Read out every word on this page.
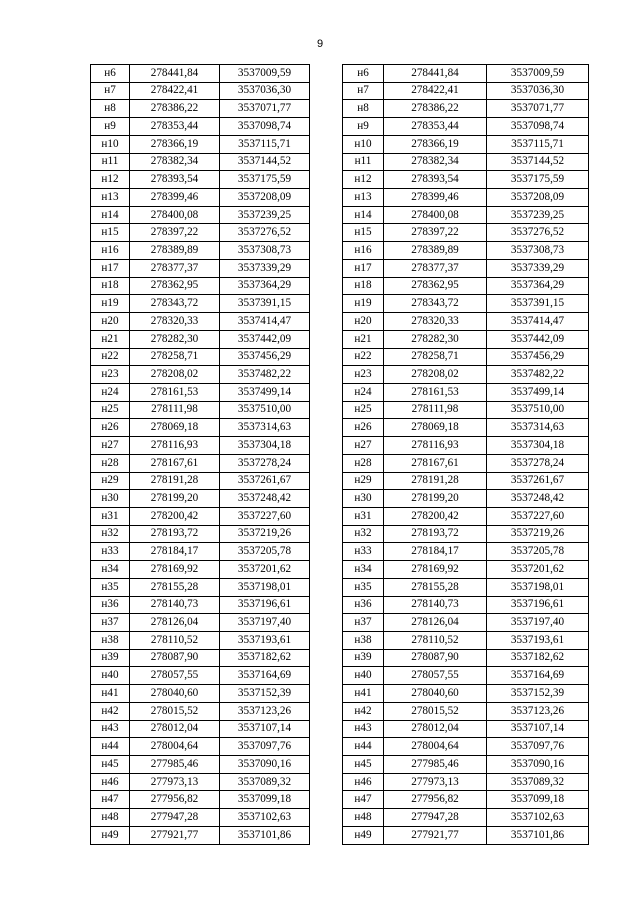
9
н6	278441,84	3537009,59
н7	278422,41	3537036,30
н8	278386,22	3537071,77
н9	278353,44	3537098,74
н10	278366,19	3537115,71
н11	278382,34	3537144,52
н12	278393,54	3537175,59
н13	278399,46	3537208,09
н14	278400,08	3537239,25
н15	278397,22	3537276,52
н16	278389,89	3537308,73
н17	278377,37	3537339,29
н18	278362,95	3537364,29
н19	278343,72	3537391,15
н20	278320,33	3537414,47
н21	278282,30	3537442,09
н22	278258,71	3537456,29
н23	278208,02	3537482,22
н24	278161,53	3537499,14
н25	278111,98	3537510,00
н26	278069,18	3537314,63
н27	278116,93	3537304,18
н28	278167,61	3537278,24
н29	278191,28	3537261,67
н30	278199,20	3537248,42
н31	278200,42	3537227,60
н32	278193,72	3537219,26
н33	278184,17	3537205,78
н34	278169,92	3537201,62
н35	278155,28	3537198,01
н36	278140,73	3537196,61
н37	278126,04	3537197,40
н38	278110,52	3537193,61
н39	278087,90	3537182,62
н40	278057,55	3537164,69
н41	278040,60	3537152,39
н42	278015,52	3537123,26
н43	278012,04	3537107,14
н44	278004,64	3537097,76
н45	277985,46	3537090,16
н46	277973,13	3537089,32
н47	277956,82	3537099,18
н48	277947,28	3537102,63
н49	277921,77	3537101,86
н6	278441,84	3537009,59
н7	278422,41	3537036,30
н8	278386,22	3537071,77
н9	278353,44	3537098,74
н10	278366,19	3537115,71
н11	278382,34	3537144,52
н12	278393,54	3537175,59
н13	278399,46	3537208,09
н14	278400,08	3537239,25
н15	278397,22	3537276,52
н16	278389,89	3537308,73
н17	278377,37	3537339,29
н18	278362,95	3537364,29
н19	278343,72	3537391,15
н20	278320,33	3537414,47
н21	278282,30	3537442,09
н22	278258,71	3537456,29
н23	278208,02	3537482,22
н24	278161,53	3537499,14
н25	278111,98	3537510,00
н26	278069,18	3537314,63
н27	278116,93	3537304,18
н28	278167,61	3537278,24
н29	278191,28	3537261,67
н30	278199,20	3537248,42
н31	278200,42	3537227,60
н32	278193,72	3537219,26
н33	278184,17	3537205,78
н34	278169,92	3537201,62
н35	278155,28	3537198,01
н36	278140,73	3537196,61
н37	278126,04	3537197,40
н38	278110,52	3537193,61
н39	278087,90	3537182,62
н40	278057,55	3537164,69
н41	278040,60	3537152,39
н42	278015,52	3537123,26
н43	278012,04	3537107,14
н44	278004,64	3537097,76
н45	277985,46	3537090,16
н46	277973,13	3537089,32
н47	277956,82	3537099,18
н48	277947,28	3537102,63
н49	277921,77	3537101,86
